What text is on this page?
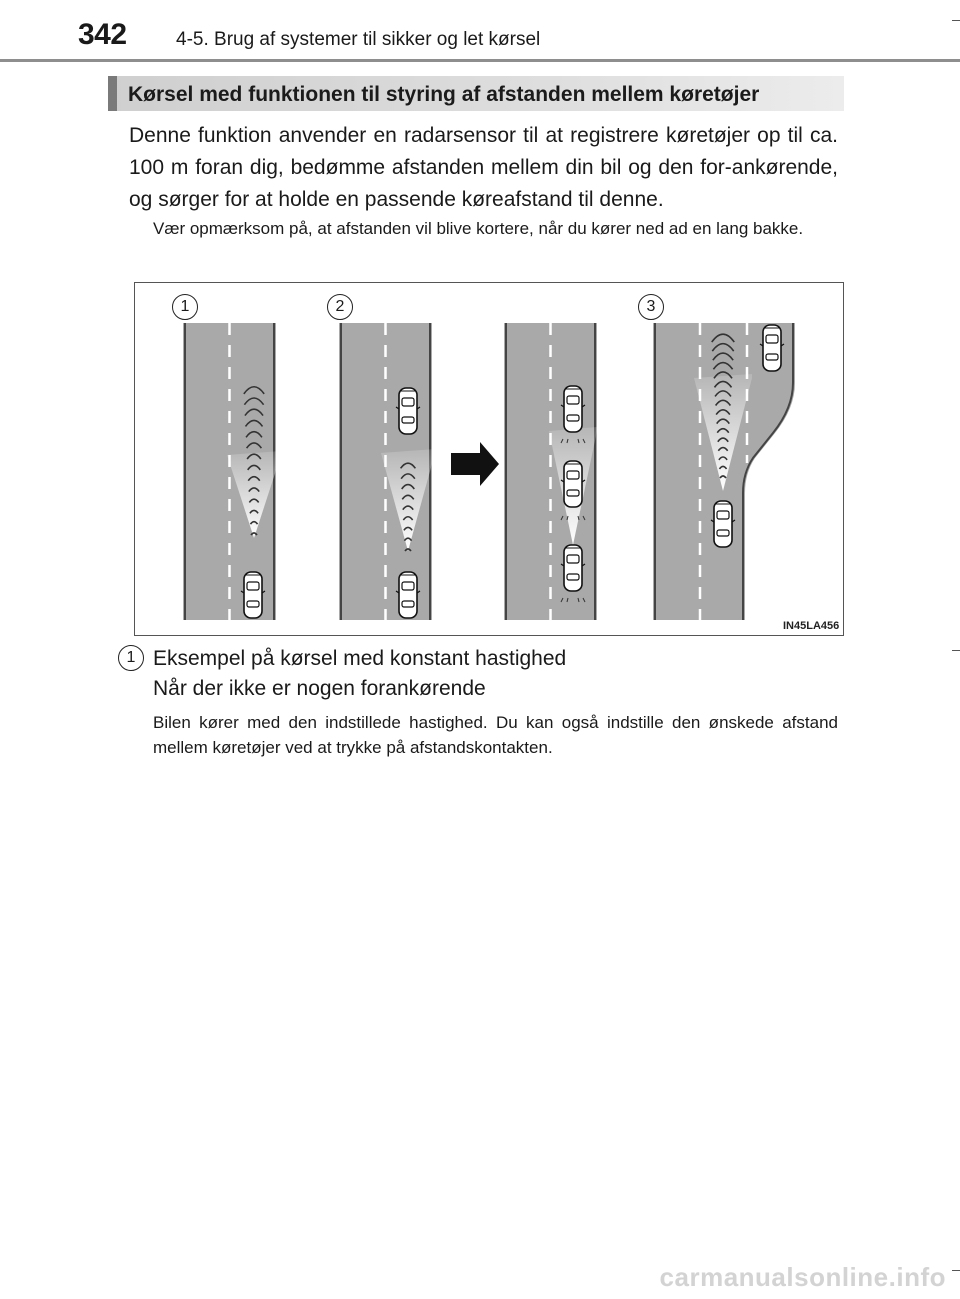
342	4-5. Brug af systemer til sikker og let kørsel
Kørsel med funktionen til styring af afstanden mellem køretøjer
Denne funktion anvender en radarsensor til at registrere køretøjer op til ca. 100 m foran dig, bedømme afstanden mellem din bil og den for-ankørende, og sørger for at holde en passende køreafstand til denne.
Vær opmærksom på, at afstanden vil blive kortere, når du kører ned ad en lang bakke.
IN45LA456
1	2	3
1 Eksempel på kørsel med konstant hastighed
Når der ikke er nogen forankørende
Bilen kører med den indstillede hastighed. Du kan også indstille den ønskede afstand mellem køretøjer ved at trykke på afstandskontakten.
carmanualsonline.info
